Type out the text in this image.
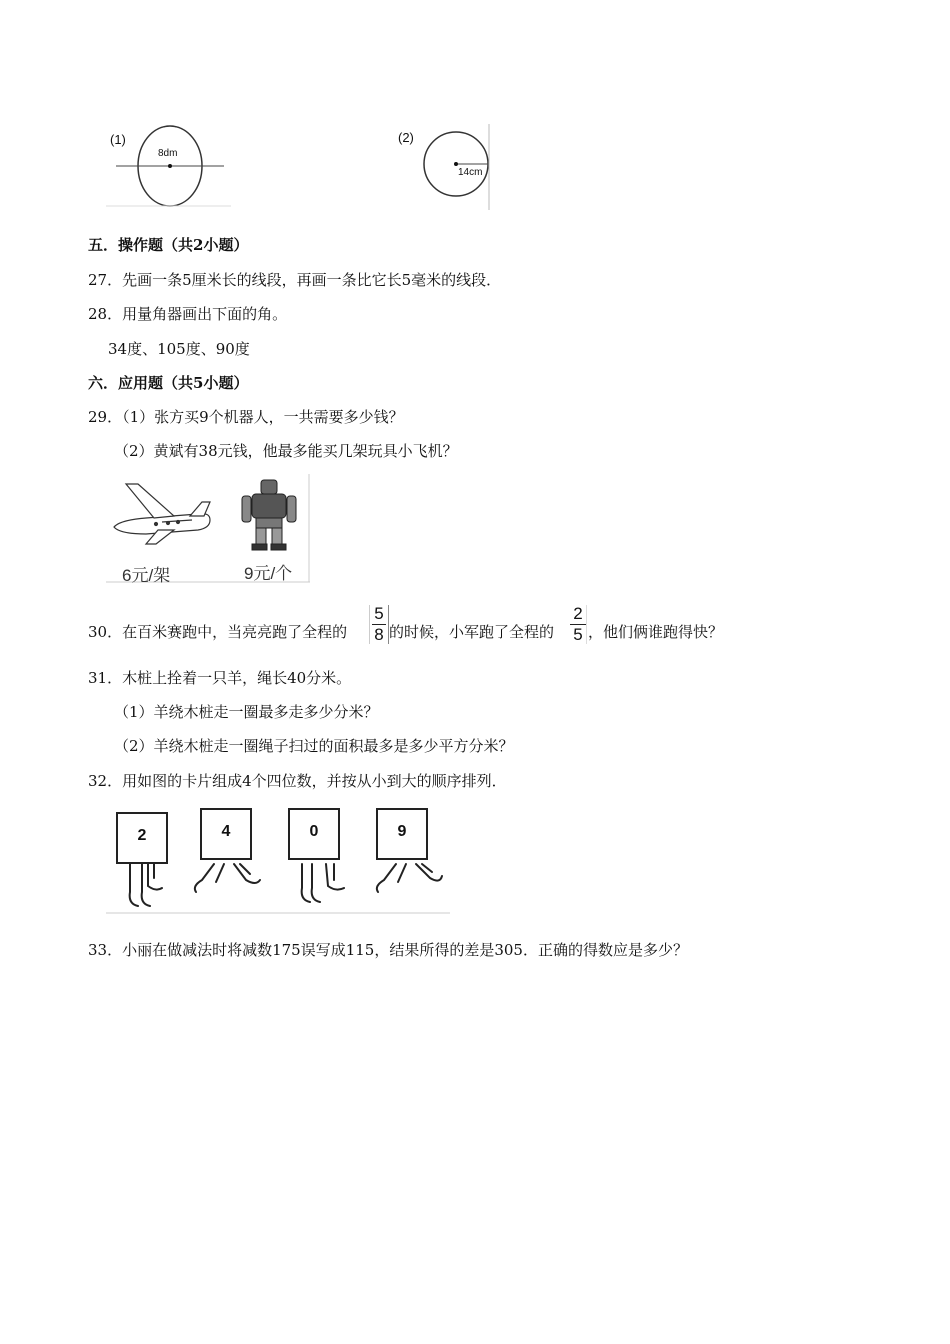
(1)
8dm
(2)
14cm
五．操作题（共2小题）
27．先画一条5厘米长的线段，再画一条比它长5毫米的线段．
28．用量角器画出下面的角。
34度、105度、90度
六．应用题（共5小题）
29．（1）张方买9个机器人，一共需要多少钱？
（2）黄斌有38元钱，他最多能买几架玩具小飞机？
6元/架	9元/个
30．在百米赛跑中，当亮亮跑了全程的
5
8 的时候，小军跑了全程的
2
5 ，他们俩谁跑得快？
31．木桩上拴着一只羊，绳长40分米。
（1）羊绕木桩走一圈最多走多少分米？
（2）羊绕木桩走一圈绳子扫过的面积最多是多少平方分米？
32．用如图的卡片组成4个四位数，并按从小到大的顺序排列．
2	4	0	9
33．小丽在做减法时将减数175误写成115，结果所得的差是305．正确的得数应是多少？
